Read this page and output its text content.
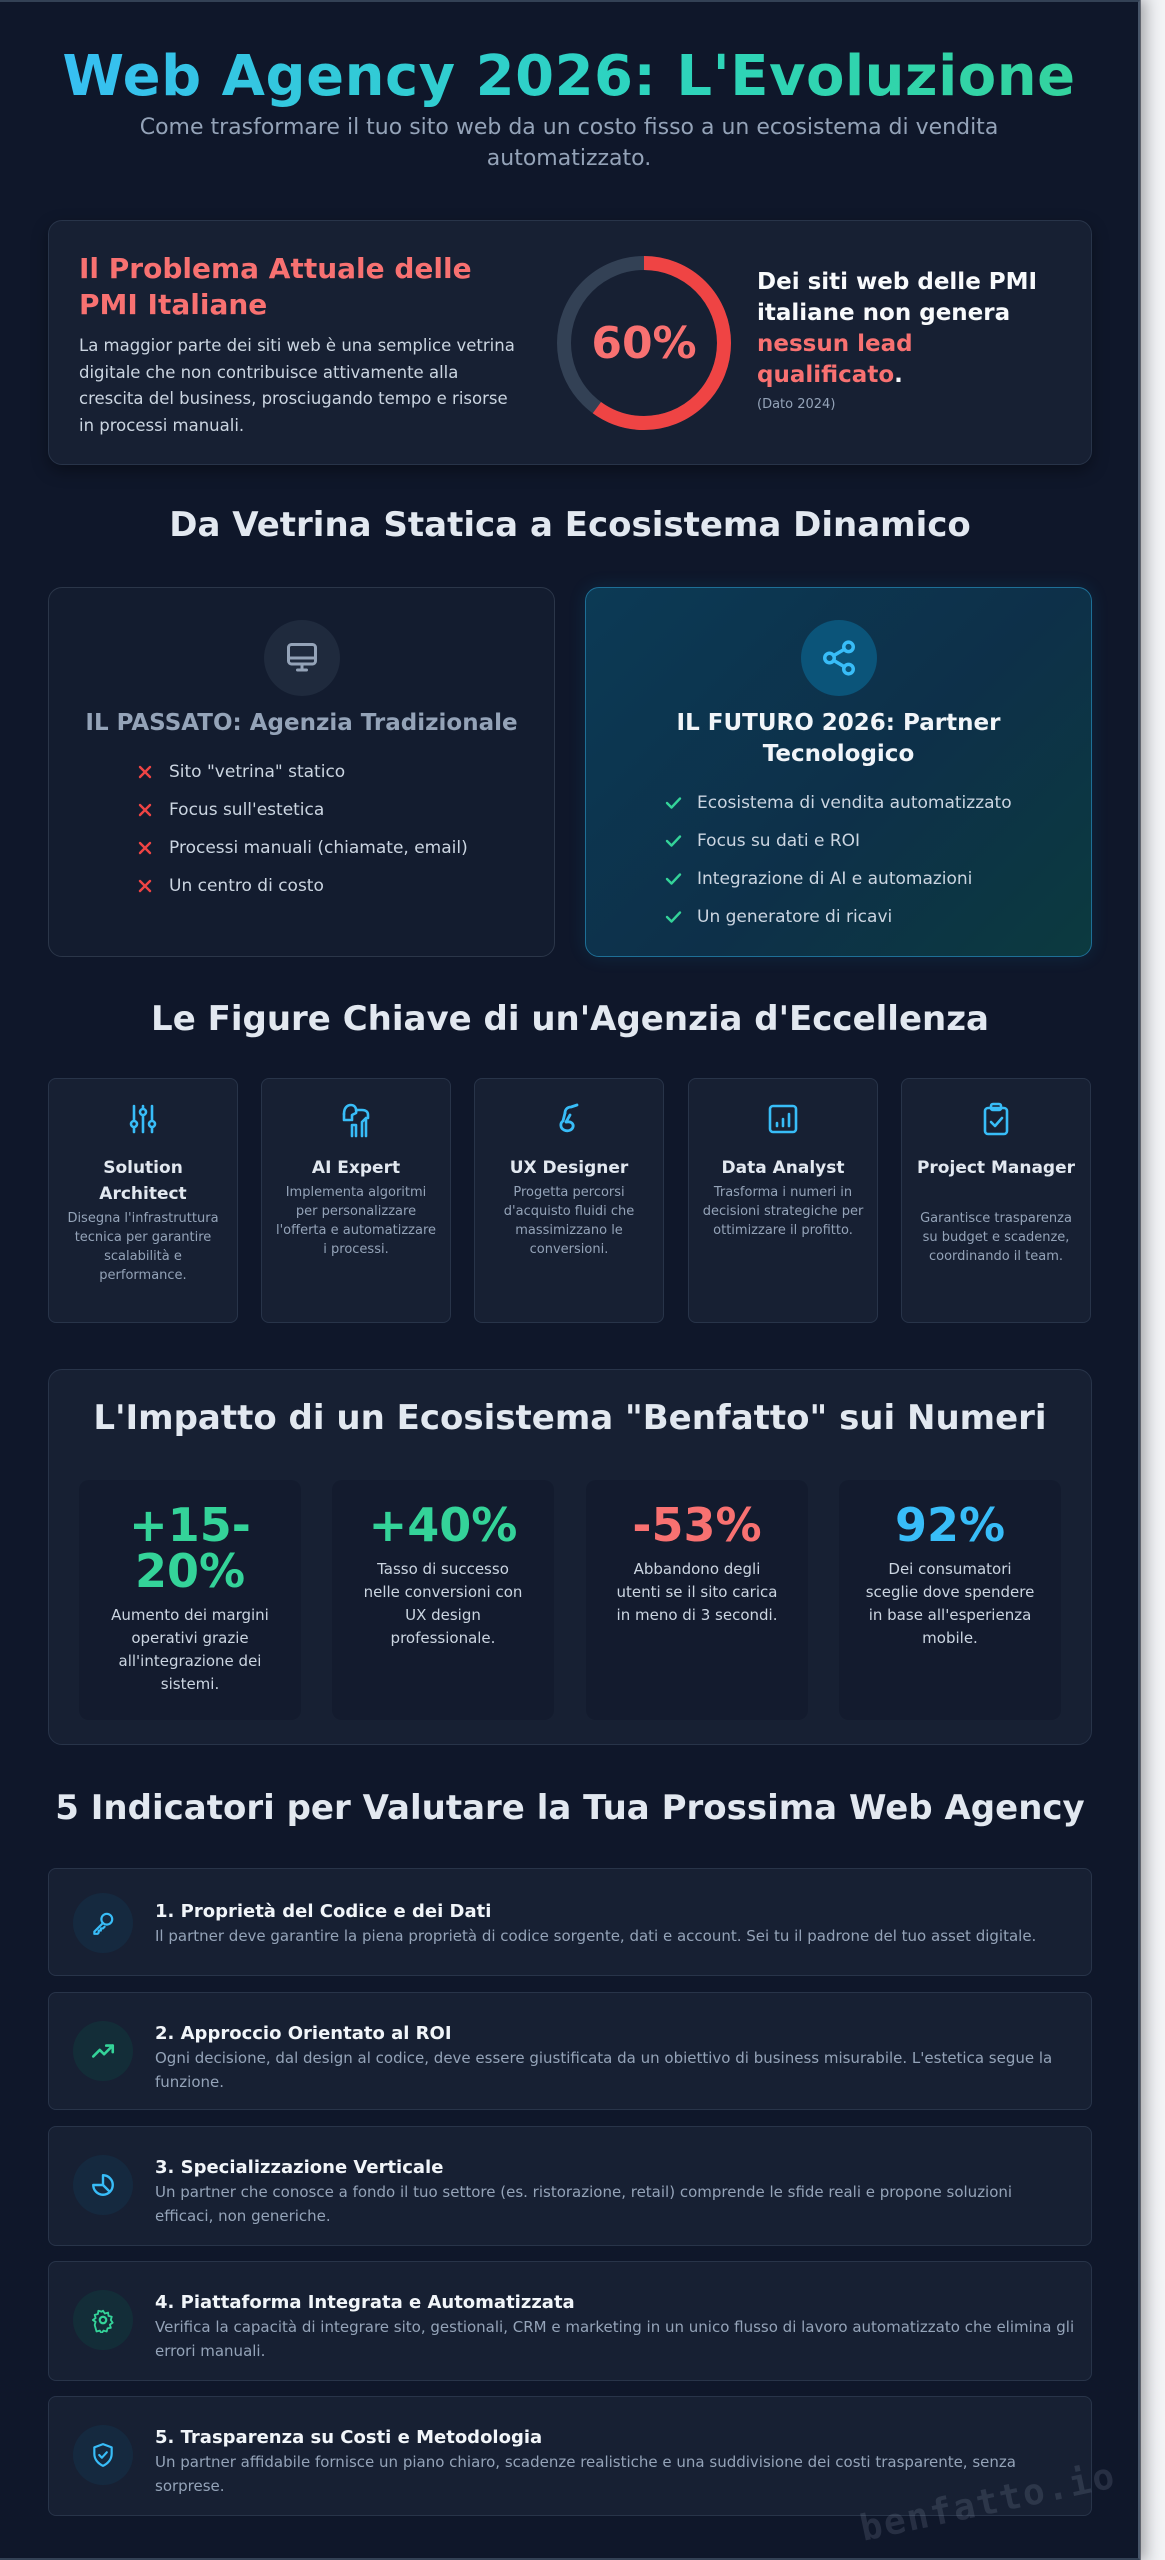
Web Agency 2026: L'Evoluzione

Come trasformare il tuo sito web da un costo fisso a un ecosistema di vendita automatizzato.

Il Problema Attuale delle PMI Italiane

La maggior parte dei siti web è una semplice vetrina digitale che non contribuisce attivamente alla crescita del business, prosciugando tempo e risorse in processi manuali.

60%

Dei siti web delle PMI italiane non genera nessun lead qualificato.

(Dato 2024)

Da Vetrina Statica a Ecosistema Dinamico
IL PASSATO: Agenzia Tradizionale
Sito "vetrina" statico
Focus sull'estetica
Processi manuali (chiamate, email)
Un centro di costo
IL FUTURO 2026: Partner Tecnologico
Ecosistema di vendita automatizzato
Focus su dati e ROI
Integrazione di AI e automazioni
Un generatore di ricavi
Le Figure Chiave di un'Agenzia d'Eccellenza
Solution Architect

Disegna l'infrastruttura tecnica per garantire scalabilità e performance.

AI Expert

Implementa algoritmi per personalizzare l'offerta e automatizzare i processi.

UX Designer

Progetta percorsi d'acquisto fluidi che massimizzano le conversioni.

Data Analyst

Trasforma i numeri in decisioni strategiche per ottimizzare il profitto.

Project Manager

Garantisce trasparenza su budget e scadenze, coordinando il team.

L'Impatto di un Ecosistema "Benfatto" sui Numeri
+15-20%
Aumento dei margini operativi grazie all'integrazione dei sistemi.
+40%
Tasso di successo nelle conversioni con UX design professionale.
-53%
Abbandono degli utenti se il sito carica in meno di 3 secondi.
92%
Dei consumatori sceglie dove spendere in base all'esperienza mobile.
5 Indicatori per Valutare la Tua Prossima Web Agency
1. Proprietà del Codice e dei Dati

Il partner deve garantire la piena proprietà di codice sorgente, dati e account. Sei tu il padrone del tuo asset digitale.

2. Approccio Orientato al ROI

Ogni decisione, dal design al codice, deve essere giustificata da un obiettivo di business misurabile. L'estetica segue la funzione.

3. Specializzazione Verticale

Un partner che conosce a fondo il tuo settore (es. ristorazione, retail) comprende le sfide reali e propone soluzioni efficaci, non generiche.

4. Piattaforma Integrata e Automatizzata

Verifica la capacità di integrare sito, gestionali, CRM e marketing in un unico flusso di lavoro automatizzato che elimina gli errori manuali.

5. Trasparenza su Costi e Metodologia

Un partner affidabile fornisce un piano chiaro, scadenze realistiche e una suddivisione dei costi trasparente, senza sorprese.	benfatto.io
